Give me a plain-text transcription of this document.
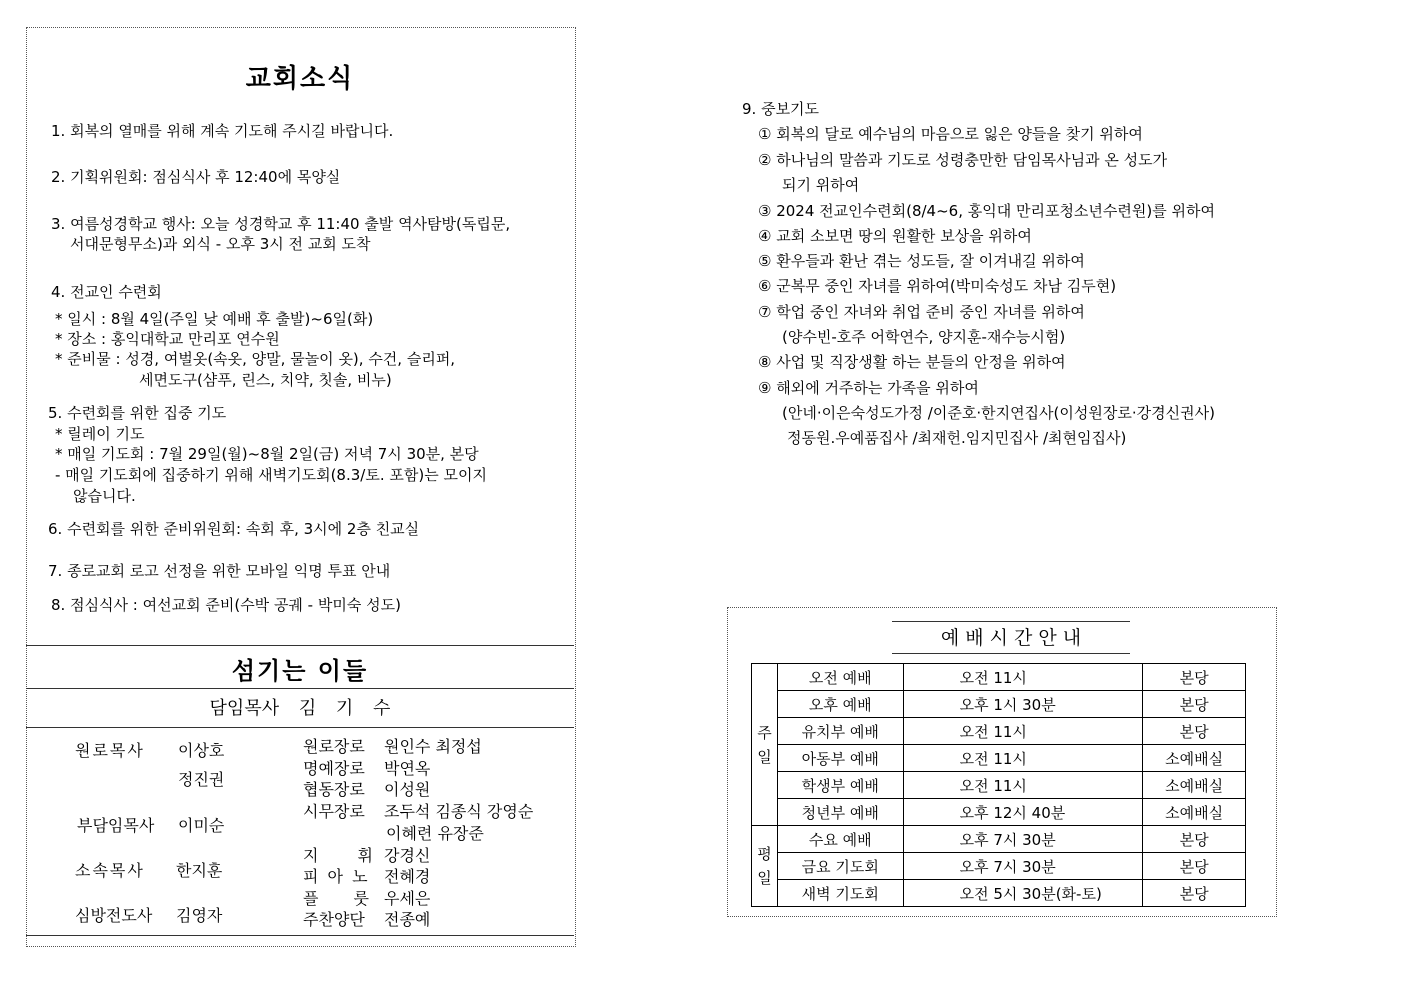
교회소식
1. 회복의 열매를 위해 계속 기도해 주시길 바랍니다.
2. 기획위원회: 점심식사 후 12:40에 목양실
3. 여름성경학교 행사: 오늘 성경학교 후 11:40 출발 역사탐방(독립문,
서대문형무소)과 외식 - 오후 3시 전 교회 도착
4. 전교인 수련회
* 일시 : 8월 4일(주일 낮 예배 후 출발)~6일(화)
* 장소 : 홍익대학교 만리포 연수원
* 준비물 : 성경, 여벌옷(속옷, 양말, 물놀이 옷), 수건, 슬리퍼,
세면도구(샴푸, 린스, 치약, 칫솔, 비누)
5. 수련회를 위한 집중 기도
* 릴레이 기도
* 매일 기도회 : 7월 29일(월)~8월 2일(금) 저녁 7시 30분, 본당
- 매일 기도회에 집중하기 위해 새벽기도회(8.3/토. 포함)는 모이지
않습니다.
6. 수련회를 위한 준비위원회: 속회 후, 3시에 2층 친교실
7. 종로교회 로고 선정을 위한 모바일 익명 투표 안내
8. 점심식사 : 여선교회 준비(수박 공궤 - 박미숙 성도)
섬기는 이들
담임목사 김 기 수
원로목사 이상호
정진권
부담임목사 이미순
소속목사 한지훈
심방전도사 김영자
원로장로 원인수 최정섭
명예장로 박연옥
협동장로 이성원
시무장로 조두석 김종식 강영순
이혜련 유장준
지 휘 강경신
피 아 노 전혜경
플 룻 우세은
주찬양단 전종예
9. 중보기도
① 회복의 달로 예수님의 마음으로 잃은 양들을 찾기 위하여
② 하나님의 말씀과 기도로 성령충만한 담임목사님과 온 성도가
되기 위하여
③ 2024 전교인수련회(8/4~6, 홍익대 만리포청소년수련원)를 위하여
④ 교회 소보면 땅의 원활한 보상을 위하여
⑤ 환우들과 환난 겪는 성도들, 잘 이겨내길 위하여
⑥ 군복무 중인 자녀를 위하여(박미숙성도 차남 김두현)
⑦ 학업 중인 자녀와 취업 준비 중인 자녀를 위하여
(양수빈-호주 어학연수, 양지훈-재수능시험)
⑧ 사업 및 직장생활 하는 분들의 안정을 위하여
⑨ 해외에 거주하는 가족을 위하여
(안네·이은숙성도가정 /이준호·한지연집사(이성원장로·강경신권사)
정동원.우예품집사 /최재헌.임지민집사 /최현임집사)
예 배 시 간 안 내
주
일	오전 예배	오전 11시	본당
	오후 예배	오후 1시 30분	본당
	유치부 예배	오전 11시	본당
	아동부 예배	오전 11시	소예배실
	학생부 예배	오전 11시	소예배실
	청년부 예배	오후 12시 40분	소예배실
평
일	수요 예배	오후 7시 30분	본당
	금요 기도회	오후 7시 30분	본당
	새벽 기도회	오전 5시 30분(화-토)	본당
